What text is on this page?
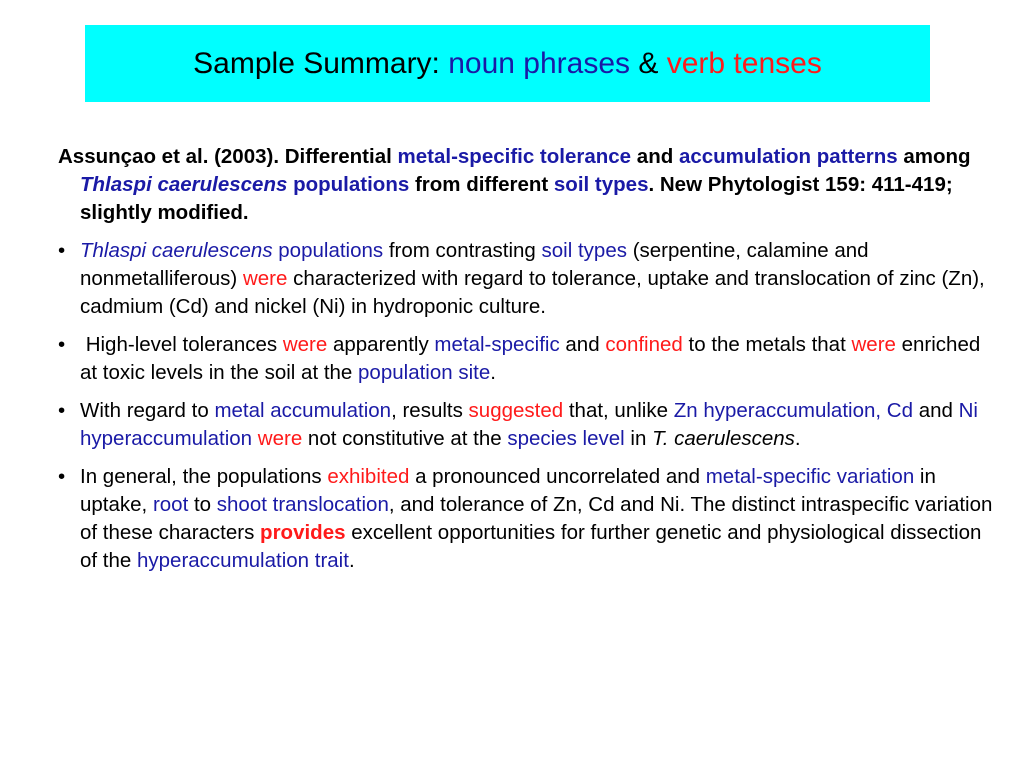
Sample Summary: noun phrases & verb tenses

Assunçao et al. (2003). Differential metal-specific tolerance and accumulation patterns among Thlaspi caerulescens populations from different soil types. New Phytologist 159: 411-419; slightly modified.

• Thlaspi caerulescens populations from contrasting soil types (serpentine, calamine and nonmetalliferous) were characterized with regard to tolerance, uptake and translocation of zinc (Zn), cadmium (Cd) and nickel (Ni) in hydroponic culture.
• High-level tolerances were apparently metal-specific and confined to the metals that were enriched at toxic levels in the soil at the population site.
• With regard to metal accumulation, results suggested that, unlike Zn hyperaccumulation, Cd and Ni hyperaccumulation were not constitutive at the species level in T. caerulescens.
• In general, the populations exhibited a pronounced uncorrelated and metal-specific variation in uptake, root to shoot translocation, and tolerance of Zn, Cd and Ni. The distinct intraspecific variation of these characters provides excellent opportunities for further genetic and physiological dissection of the hyperaccumulation trait.
